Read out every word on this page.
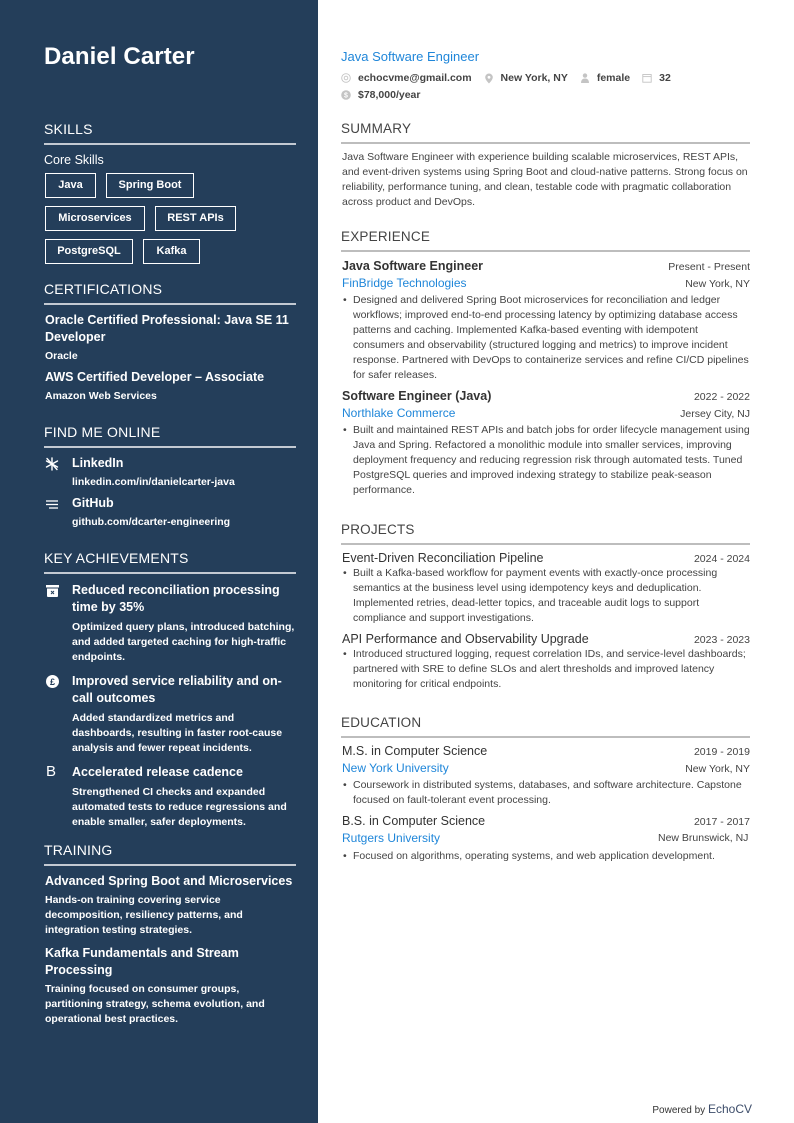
Daniel Carter
SKILLS
Core Skills
Java	Spring Boot
Microservices	REST APIs
PostgreSQL	Kafka
CERTIFICATIONS
Oracle Certified Professional: Java SE 11 Developer
Oracle
AWS Certified Developer – Associate
Amazon Web Services
FIND ME ONLINE
LinkedIn
linkedin.com/in/danielcarter-java
GitHub
github.com/dcarter-engineering
KEY ACHIEVEMENTS
Reduced reconciliation processing time by 35%
Optimized query plans, introduced batching, and added targeted caching for high-traffic endpoints.
£ Improved service reliability and on-call outcomes
Added standardized metrics and dashboards, resulting in faster root-cause analysis and fewer repeat incidents.
B	Accelerated release cadence
Strengthened CI checks and expanded automated tests to reduce regressions and enable smaller, safer deployments.
TRAINING
Advanced Spring Boot and Microservices
Hands-on training covering service decomposition, resiliency patterns, and integration testing strategies.
Kafka Fundamentals and Stream Processing
Training focused on consumer groups, partitioning strategy, schema evolution, and operational best practices.
Java Software Engineer
echocvme@gmail.com	New York, NY	female	32
$ $78,000/year
SUMMARY
Java Software Engineer with experience building scalable microservices, REST APIs, and event-driven systems using Spring Boot and cloud-native patterns. Strong focus on reliability, performance tuning, and clean, testable code with pragmatic collaboration across product and DevOps.
EXPERIENCE
Java Software Engineer	Present - Present
FinBridge Technologies	New York, NY
• Designed and delivered Spring Boot microservices for reconciliation and ledger workflows; improved end-to-end processing latency by optimizing database access patterns and caching. Implemented Kafka-based eventing with idempotent consumers and observability (structured logging and metrics) to improve incident response. Partnered with DevOps to containerize services and refine CI/CD pipelines for safer releases.
Software Engineer (Java)	2022 - 2022
Northlake Commerce	Jersey City, NJ
• Built and maintained REST APIs and batch jobs for order lifecycle management using Java and Spring. Refactored a monolithic module into smaller services, improving deployment frequency and reducing regression risk through automated tests. Tuned PostgreSQL queries and improved indexing strategy to stabilize peak-season performance.
PROJECTS
Event-Driven Reconciliation Pipeline	2024 - 2024
• Built a Kafka-based workflow for payment events with exactly-once processing semantics at the business level using idempotency keys and deduplication. Implemented retries, dead-letter topics, and traceable audit logs to support compliance and support investigations.
API Performance and Observability Upgrade	2023 - 2023
• Introduced structured logging, request correlation IDs, and service-level dashboards; partnered with SRE to define SLOs and alert thresholds and improved latency monitoring for critical endpoints.
EDUCATION
M.S. in Computer Science	2019 - 2019
New York University	New York, NY
• Coursework in distributed systems, databases, and software architecture. Capstone focused on fault-tolerant event processing.
B.S. in Computer Science	2017 - 2017
Rutgers University	New Brunswick, NJ
• Focused on algorithms, operating systems, and web application development.
Powered by EchoCV
